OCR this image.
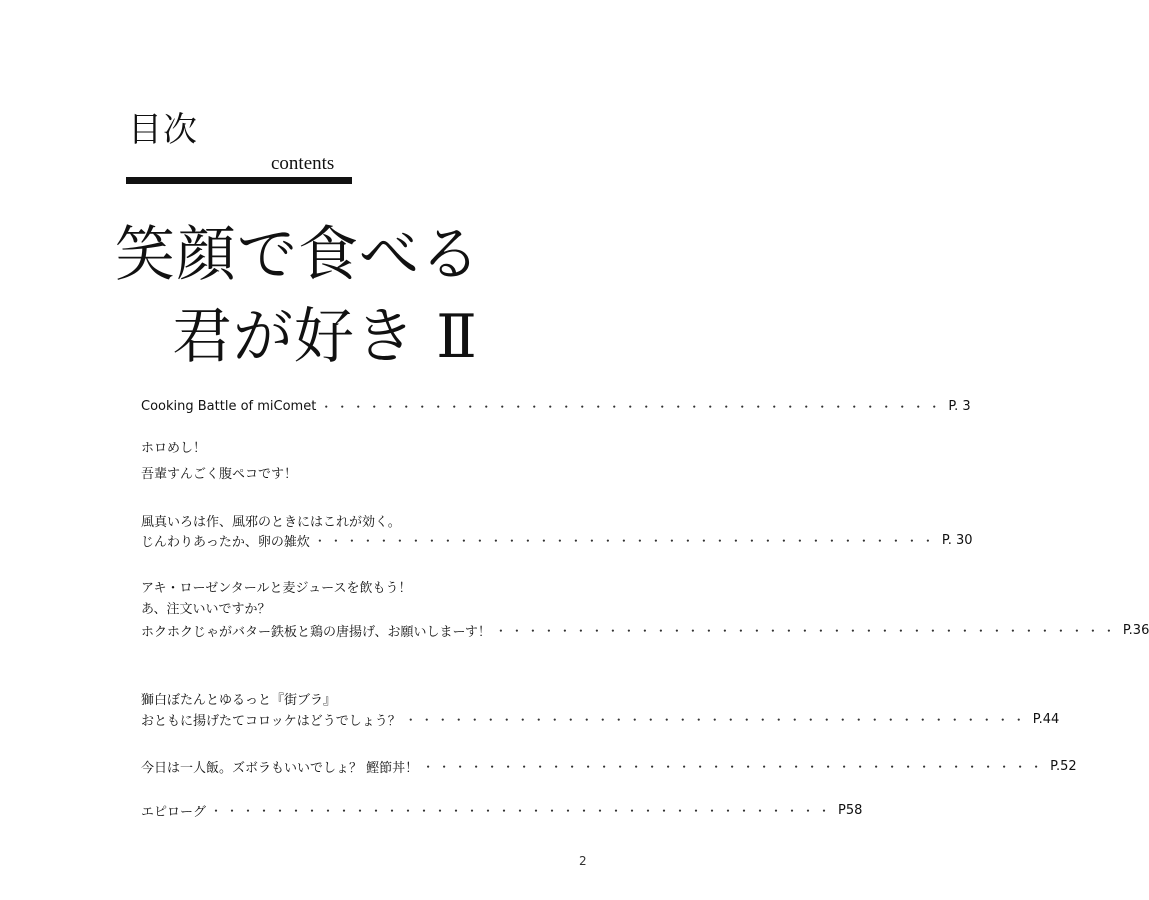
目次
contents
笑顔で食べる
君が好き Ⅱ
Cooking Battle of miComet ・・・・・・・・・・・・・・・・・・・・・・・・・・・・・・・・・・・・・・・ P. 3
ホロめし！
吾輩すんごく腹ペコです！
風真いろは作、風邪のときにはこれが効く。
じんわりあったか、卵の雑炊 ・・・・・・・・・・・・・・・・・・・・・・・・・・・・・・・・・・・・・・・ P. 30
アキ・ローゼンタールと麦ジュースを飲もう！
あ、注文いいですか？
ホクホクじゃがバター鉄板と鶏の唐揚げ、お願いしまーす！ ・・・・・・・・・・・・・・・・・・・・・・・・・・・・・・・・・・・・・・・ P.36
獅白ぼたんとゆるっと『街ブラ』
おともに揚げたてコロッケはどうでしょう？ ・・・・・・・・・・・・・・・・・・・・・・・・・・・・・・・・・・・・・・・ P.44
今日は一人飯。ズボラもいいでしょ？ 鰹節丼！ ・・・・・・・・・・・・・・・・・・・・・・・・・・・・・・・・・・・・・・・ P.52
エピローグ ・・・・・・・・・・・・・・・・・・・・・・・・・・・・・・・・・・・・・・・ P58
2
